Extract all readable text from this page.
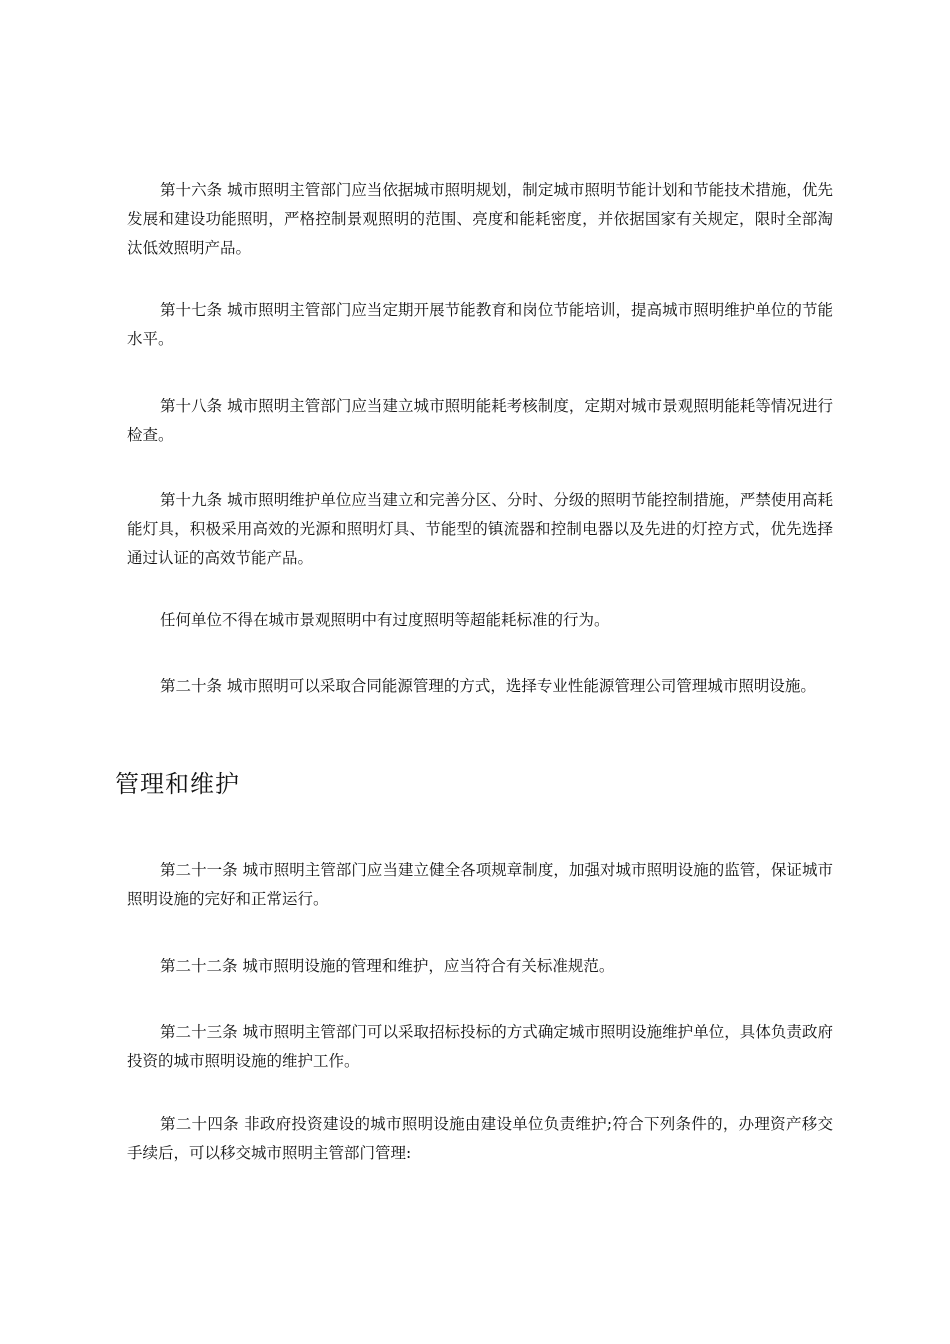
第十六条 城市照明主管部门应当依据城市照明规划，制定城市照明节能计划和节能技术措施，优先发展和建设功能照明，严格控制景观照明的范围、亮度和能耗密度，并依据国家有关规定，限时全部淘汰低效照明产品。

第十七条 城市照明主管部门应当定期开展节能教育和岗位节能培训，提高城市照明维护单位的节能水平。

第十八条 城市照明主管部门应当建立城市照明能耗考核制度，定期对城市景观照明能耗等情况进行检查。

第十九条 城市照明维护单位应当建立和完善分区、分时、分级的照明节能控制措施，严禁使用高耗能灯具，积极采用高效的光源和照明灯具、节能型的镇流器和控制电器以及先进的灯控方式，优先选择通过认证的高效节能产品。

任何单位不得在城市景观照明中有过度照明等超能耗标准的行为。

第二十条 城市照明可以采取合同能源管理的方式，选择专业性能源管理公司管理城市照明设施。

管理和维护

第二十一条 城市照明主管部门应当建立健全各项规章制度，加强对城市照明设施的监管，保证城市照明设施的完好和正常运行。

第二十二条 城市照明设施的管理和维护，应当符合有关标准规范。

第二十三条 城市照明主管部门可以采取招标投标的方式确定城市照明设施维护单位，具体负责政府投资的城市照明设施的维护工作。

第二十四条 非政府投资建设的城市照明设施由建设单位负责维护;符合下列条件的，办理资产移交手续后，可以移交城市照明主管部门管理:
